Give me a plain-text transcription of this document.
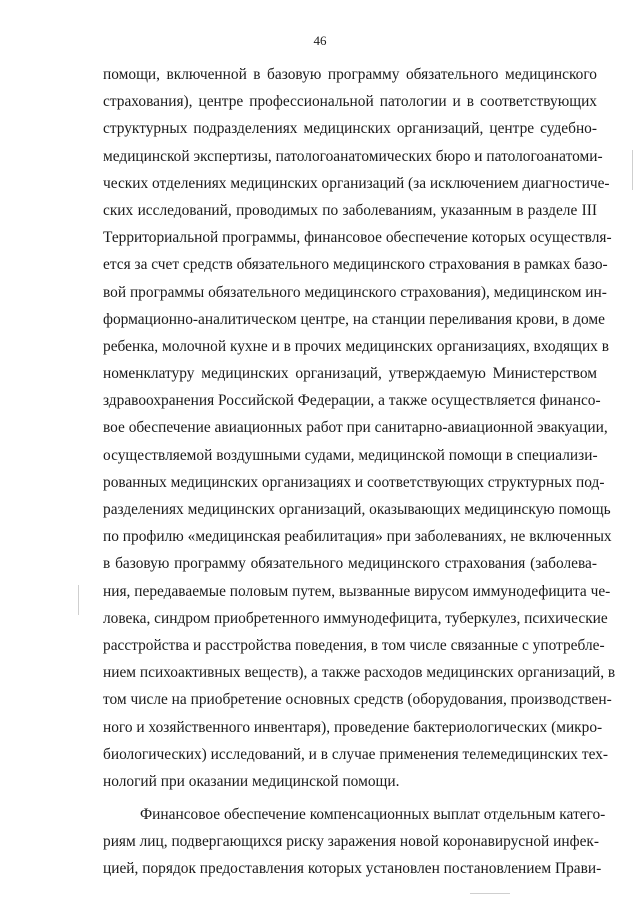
46
помощи, включенной в базовую программу обязательного медицинского
страхования), центре профессиональной патологии и в соответствующих
структурных подразделениях медицинских организаций, центре судебно-
медицинской экспертизы, патологоанатомических бюро и патологоанатоми-
ческих отделениях медицинских организаций (за исключением диагностиче-
ских исследований, проводимых по заболеваниям, указанным в разделе III
Территориальной программы, финансовое обеспечение которых осуществля-
ется за счет средств обязательного медицинского страхования в рамках базо-
вой программы обязательного медицинского страхования), медицинском ин-
формационно-аналитическом центре, на станции переливания крови, в доме
ребенка, молочной кухне и в прочих медицинских организациях, входящих в
номенклатуру медицинских организаций, утверждаемую Министерством
здравоохранения Российской Федерации, а также осуществляется финансо-
вое обеспечение авиационных работ при санитарно-авиационной эвакуации,
осуществляемой воздушными судами, медицинской помощи в специализи-
рованных медицинских организациях и соответствующих структурных под-
разделениях медицинских организаций, оказывающих медицинскую помощь
по профилю «медицинская реабилитация» при заболеваниях, не включенных
в базовую программу обязательного медицинского страхования (заболева-
ния, передаваемые половым путем, вызванные вирусом иммунодефицита че-
ловека, синдром приобретенного иммунодефицита, туберкулез, психические
расстройства и расстройства поведения, в том числе связанные с употребле-
нием психоактивных веществ), а также расходов медицинских организаций, в
том числе на приобретение основных средств (оборудования, производствен-
ного и хозяйственного инвентаря), проведение бактериологических (микро-
биологических) исследований, и в случае применения телемедицинских тех-
нологий при оказании медицинской помощи.
Финансовое обеспечение компенсационных выплат отдельным катего-
риям лиц, подвергающихся риску заражения новой коронавирусной инфек-
цией, порядок предоставления которых установлен постановлением Прави-
